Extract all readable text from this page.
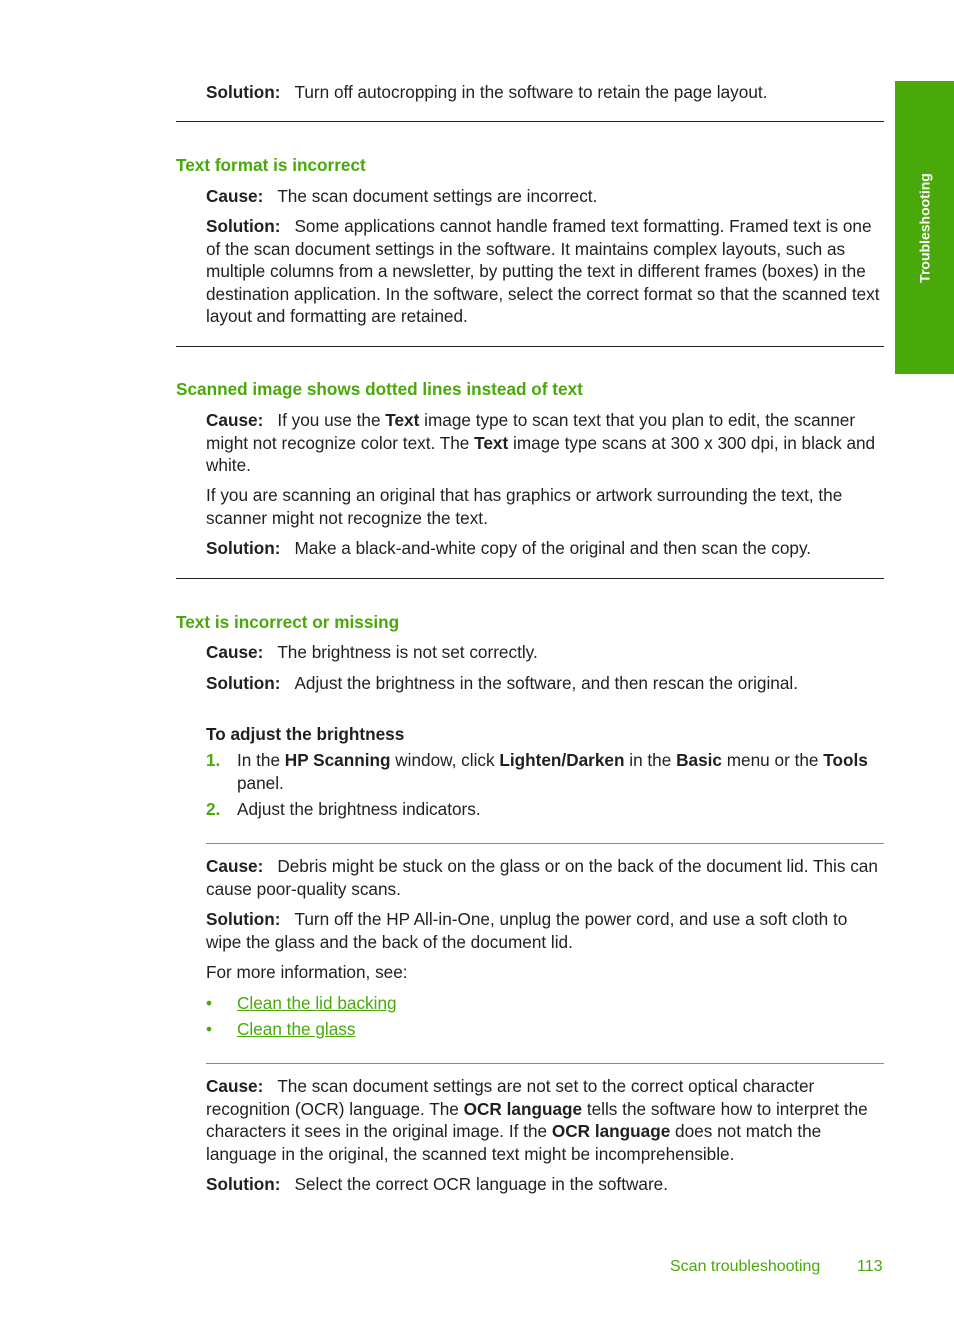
Troubleshooting

Solution: Turn off autocropping in the software to retain the page layout.

Text format is incorrect

Cause: The scan document settings are incorrect.

Solution: Some applications cannot handle framed text formatting. Framed text is one of the scan document settings in the software. It maintains complex layouts, such as multiple columns from a newsletter, by putting the text in different frames (boxes) in the destination application. In the software, select the correct format so that the scanned text layout and formatting are retained.

Scanned image shows dotted lines instead of text

Cause: If you use the Text image type to scan text that you plan to edit, the scanner might not recognize color text. The Text image type scans at 300 x 300 dpi, in black and white.

If you are scanning an original that has graphics or artwork surrounding the text, the scanner might not recognize the text.

Solution: Make a black-and-white copy of the original and then scan the copy.

Text is incorrect or missing

Cause: The brightness is not set correctly.

Solution: Adjust the brightness in the software, and then rescan the original.

To adjust the brightness

1. In the HP Scanning window, click Lighten/Darken in the Basic menu or the Tools panel.

2. Adjust the brightness indicators.

Cause: Debris might be stuck on the glass or on the back of the document lid. This can cause poor-quality scans.

Solution: Turn off the HP All-in-One, unplug the power cord, and use a soft cloth to wipe the glass and the back of the document lid.

For more information, see:

• Clean the lid backing
• Clean the glass

Cause: The scan document settings are not set to the correct optical character recognition (OCR) language. The OCR language tells the software how to interpret the characters it sees in the original image. If the OCR language does not match the language in the original, the scanned text might be incomprehensible.

Solution: Select the correct OCR language in the software.

Scan troubleshooting 113
